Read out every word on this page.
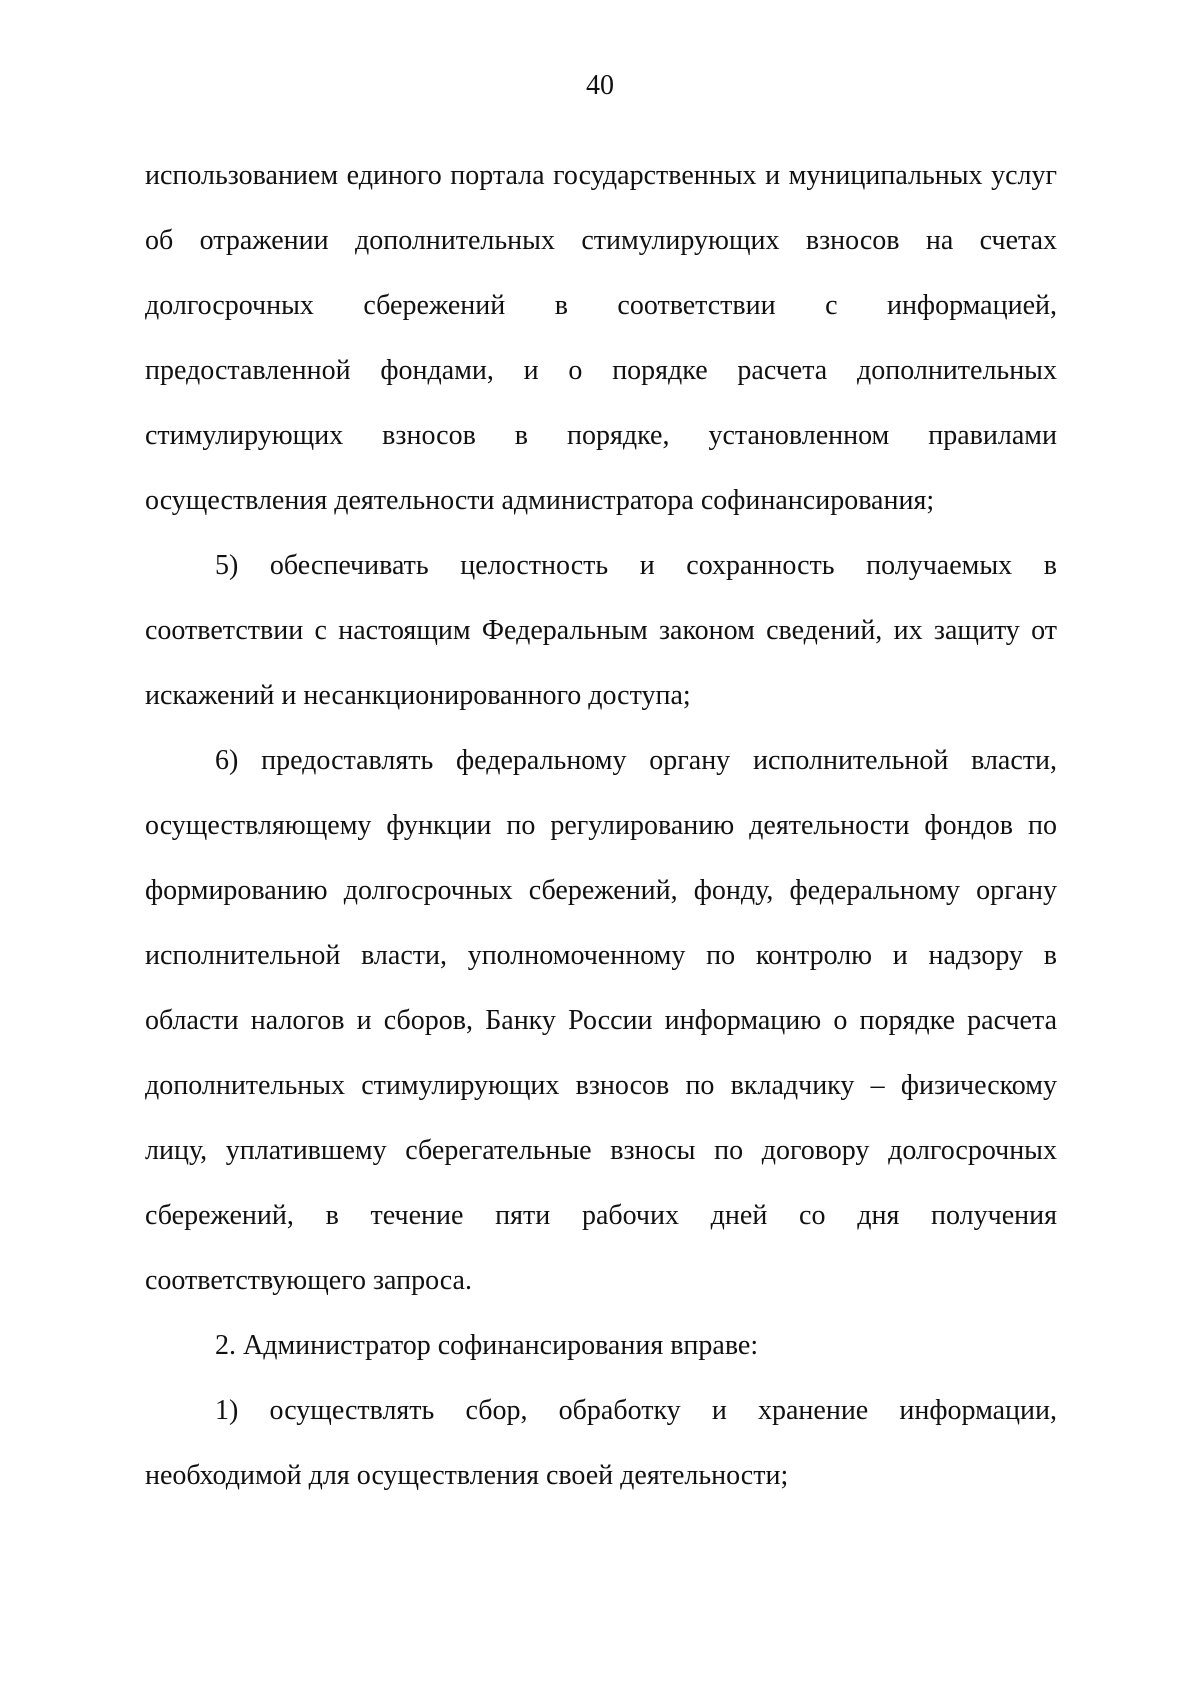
40
использованием единого портала государственных и муниципальных услуг
об отражении дополнительных стимулирующих взносов на счетах
долгосрочных сбережений в соответствии с информацией,
предоставленной фондами, и о порядке расчета дополнительных
стимулирующих взносов в порядке, установленном правилами
осуществления деятельности администратора софинансирования;
5) обеспечивать целостность и сохранность получаемых в
соответствии с настоящим Федеральным законом сведений, их защиту от
искажений и несанкционированного доступа;
6) предоставлять федеральному органу исполнительной власти,
осуществляющему функции по регулированию деятельности фондов по
формированию долгосрочных сбережений, фонду, федеральному органу
исполнительной власти, уполномоченному по контролю и надзору в
области налогов и сборов, Банку России информацию о порядке расчета
дополнительных стимулирующих взносов по вкладчику – физическому
лицу, уплатившему сберегательные взносы по договору долгосрочных
сбережений, в течение пяти рабочих дней со дня получения
соответствующего запроса.
2. Администратор софинансирования вправе:
1) осуществлять сбор, обработку и хранение информации,
необходимой для осуществления своей деятельности;
